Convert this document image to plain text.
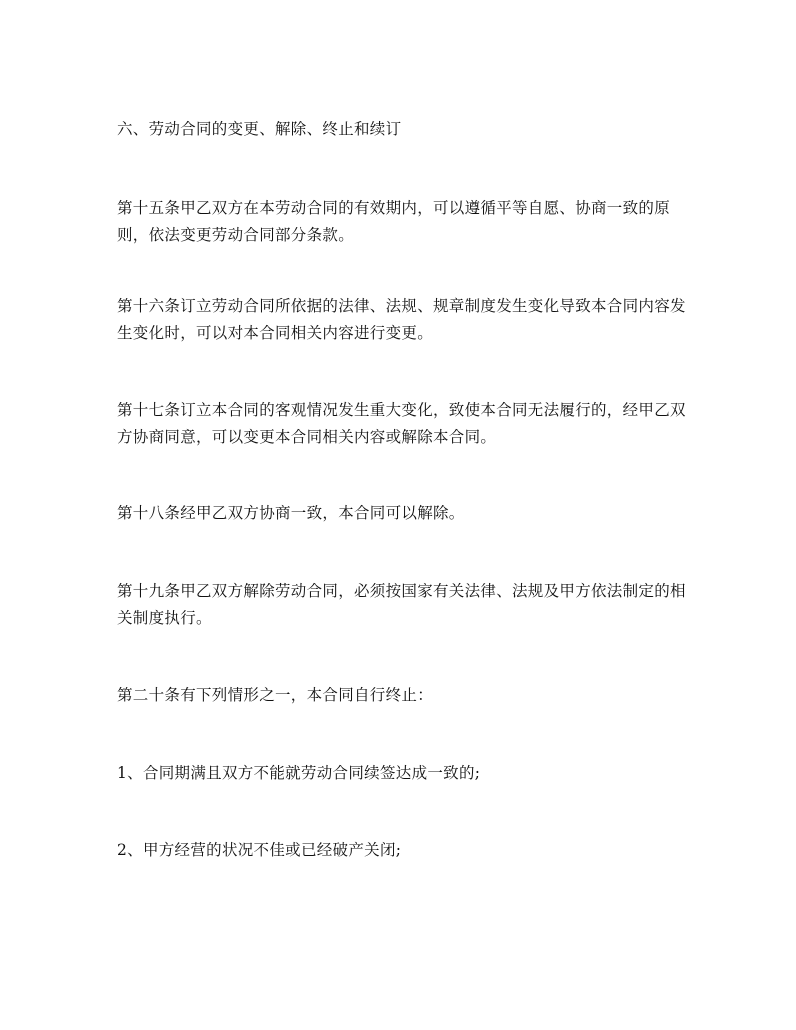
六、劳动合同的变更、解除、终止和续订

第十五条甲乙双方在本劳动合同的有效期内，可以遵循平等自愿、协商一致的原
则，依法变更劳动合同部分条款。

第十六条订立劳动合同所依据的法律、法规、规章制度发生变化导致本合同内容发
生变化时，可以对本合同相关内容进行变更。

第十七条订立本合同的客观情况发生重大变化，致使本合同无法履行的，经甲乙双
方协商同意，可以变更本合同相关内容或解除本合同。

第十八条经甲乙双方协商一致，本合同可以解除。

第十九条甲乙双方解除劳动合同，必须按国家有关法律、法规及甲方依法制定的相
关制度执行。

第二十条有下列情形之一，本合同自行终止：

1、合同期满且双方不能就劳动合同续签达成一致的;

2、甲方经营的状况不佳或已经破产关闭;
